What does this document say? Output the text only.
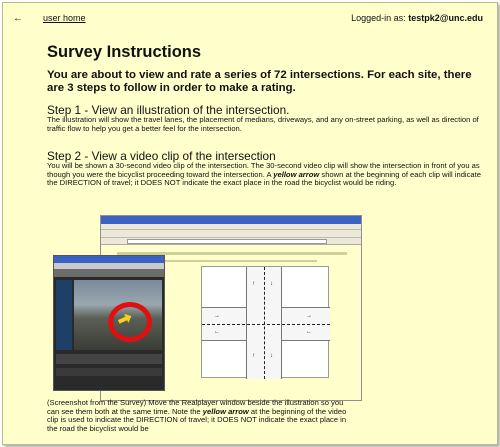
← user home	Logged-in as: testpk2@unc.edu
Survey Instructions

You are about to view and rate a series of 72 intersections. For each site, there are 3 steps to follow in order to make a rating.

Step 1 - View an illustration of the intersection.

The illustration will show the travel lanes, the placement of medians, driveways, and any on-street parking, as well as direction of traffic flow to help you get a better feel for the intersection.

Step 2 - View a video clip of the intersection

You will be shown a 30-second video clip of the intersection. The 30-second video clip will show the intersection in front of you as though you were the bicyclist proceeding toward the intersection. A yellow arrow shown at the beginning of each clip will indicate the DIRECTION of travel; it DOES NOT indicate the exact place in the road the bicyclist would be riding.

↑	↓
↑	↓
→
←
→
←

(Screenshot from the Survey) Move the Realplayer window beside the illustration so you can see them both at the same time. Note the yellow arrow at the beginning of the video clip is used to indicate the DIRECTION of travel; it DOES NOT indicate the exact place in the road the bicyclist would be
